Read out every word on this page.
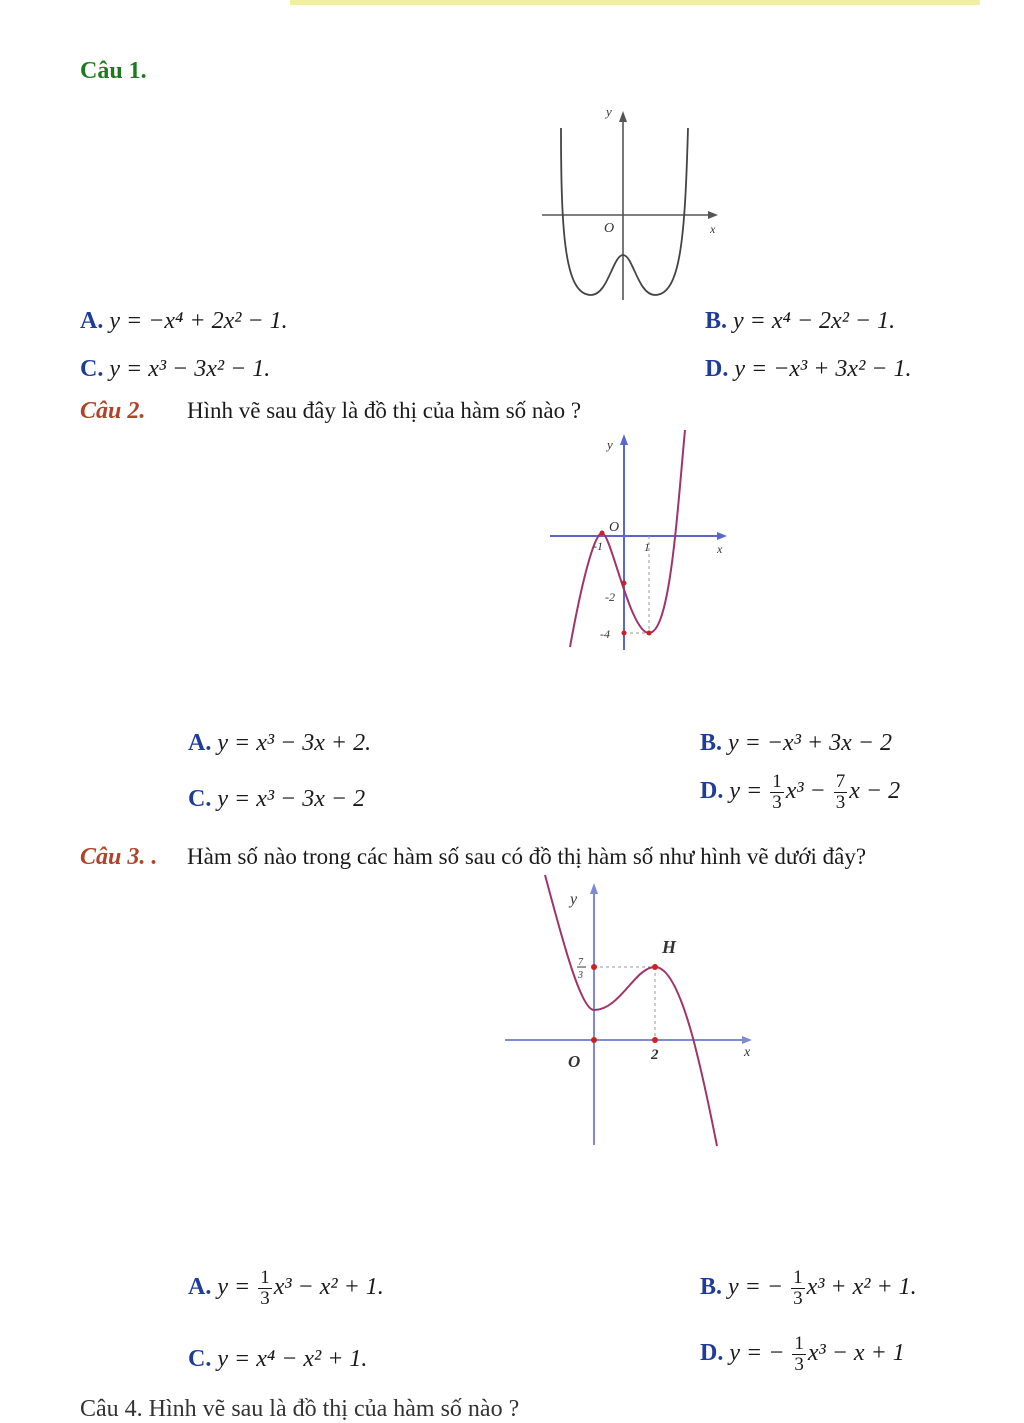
Câu 1.
y
x
O
A. y = −x⁴ + 2x² − 1.	B. y = x⁴ − 2x² − 1.
C. y = x³ − 3x² − 1.	D. y = −x³ + 3x² − 1.
Câu 2. Hình vẽ sau đây là đồ thị của hàm số nào ?
y
x
O
-1	1
-2
-4
A. y = x³ − 3x + 2.	B. y = −x³ + 3x − 2
C. y = x³ − 3x − 2	D. $y = \frac{1}{3} x^3 - \frac{7}{3}$ x − 2
Câu 3. . Hàm số nào trong các hàm số sau có đồ thị hàm số như hình vẽ dưới đây?
y
x
O
H
2
7
3
A. $y = \frac{1}{3} x^3 - x^2 + 1$.	B. y = − $\frac{1}{3} x^3 + x^2 + 1$.
C. y = x⁴ − x² + 1.	D. y = − $\frac{1}{3} x^3 - x + 1$
Câu 4. Hình vẽ sau là đồ thị của hàm số nào ?
